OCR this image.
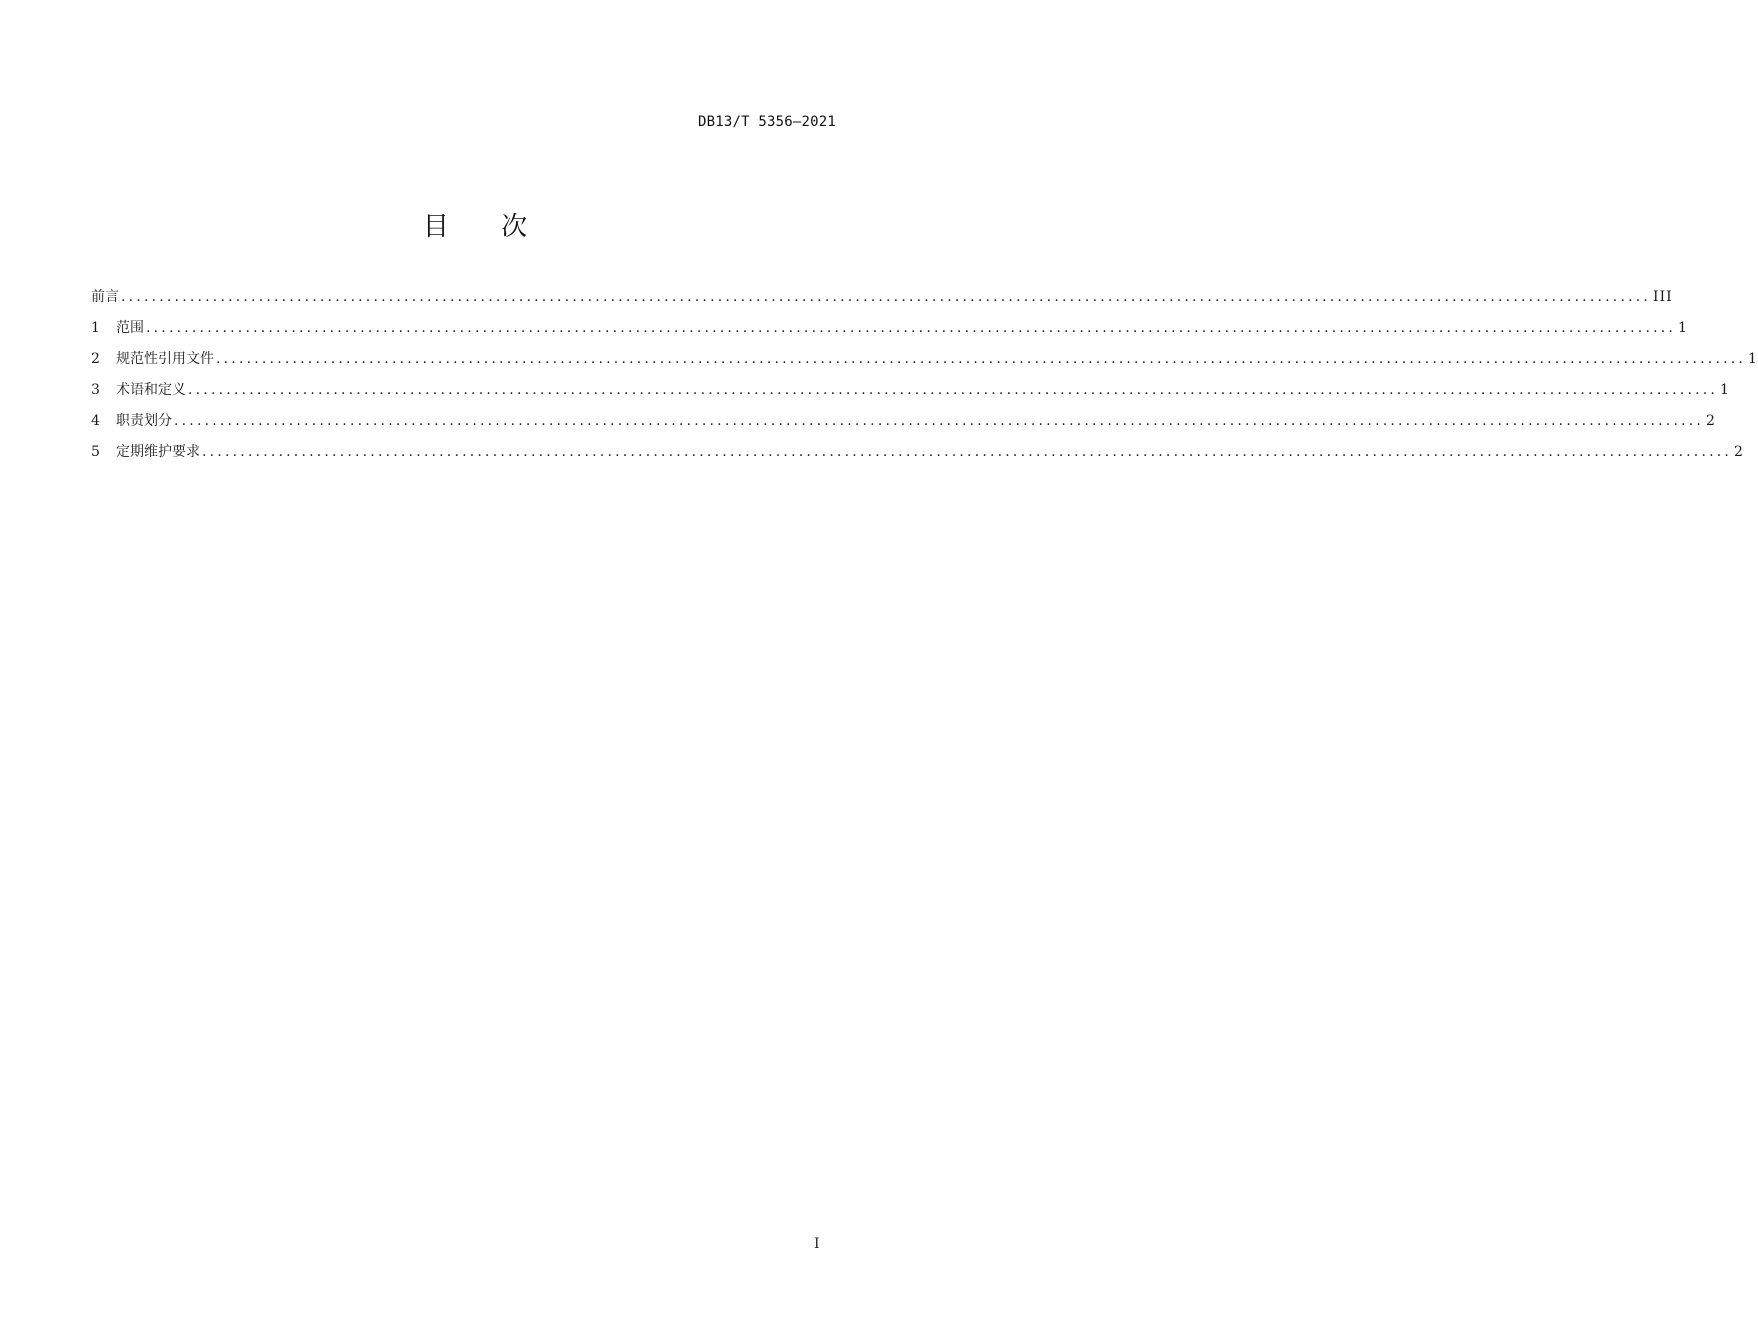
DB13/T 5356—2021
目 次
前言 ........................................................................................................................................................................................................ III
1	范围 ........................................................................................................................................................................................................ 1
2	规范性引用文件 ........................................................................................................................................................................................................ 1
3	术语和定义 ........................................................................................................................................................................................................ 1
4	职责划分 ........................................................................................................................................................................................................ 2
5	定期维护要求 ........................................................................................................................................................................................................ 2
I
